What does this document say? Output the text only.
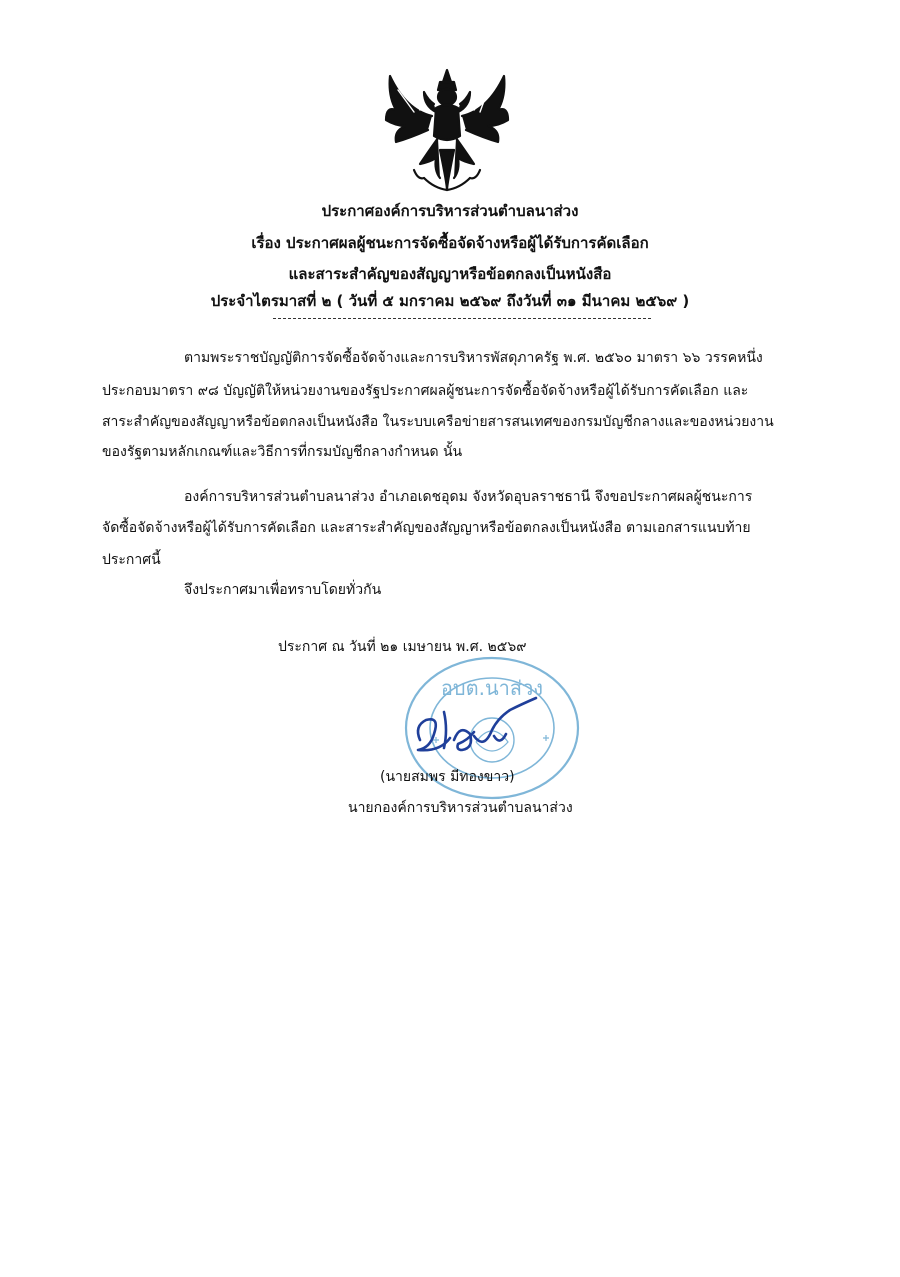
ประกาศองค์การบริหารส่วนตำบลนาส่วง
เรื่อง ประกาศผลผู้ชนะการจัดซื้อจัดจ้างหรือผู้ได้รับการคัดเลือก
และสาระสำคัญของสัญญาหรือข้อตกลงเป็นหนังสือ
ประจำไตรมาสที่ ๒ ( วันที่ ๕ มกราคม ๒๕๖๙ ถึงวันที่ ๓๑ มีนาคม ๒๕๖๙ )
ตามพระราชบัญญัติการจัดซื้อจัดจ้างและการบริหารพัสดุภาครัฐ พ.ศ. ๒๕๖๐ มาตรา ๖๖ วรรคหนึ่ง
ประกอบมาตรา ๙๘ บัญญัติให้หน่วยงานของรัฐประกาศผลผู้ชนะการจัดซื้อจัดจ้างหรือผู้ได้รับการคัดเลือก และ
สาระสำคัญของสัญญาหรือข้อตกลงเป็นหนังสือ ในระบบเครือข่ายสารสนเทศของกรมบัญชีกลางและของหน่วยงาน
ของรัฐตามหลักเกณฑ์และวิธีการที่กรมบัญชีกลางกำหนด นั้น
องค์การบริหารส่วนตำบลนาส่วง อำเภอเดชอุดม จังหวัดอุบลราชธานี จึงขอประกาศผลผู้ชนะการ
จัดซื้อจัดจ้างหรือผู้ได้รับการคัดเลือก และสาระสำคัญของสัญญาหรือข้อตกลงเป็นหนังสือ ตามเอกสารแนบท้าย
ประกาศนี้
จึงประกาศมาเพื่อทราบโดยทั่วกัน
อบต.นาส่วง
ประกาศ ณ วันที่ ๒๑ เมษายน พ.ศ. ๒๕๖๙
(นายสมพร มีทองขาว)
นายกองค์การบริหารส่วนตำบลนาส่วง
